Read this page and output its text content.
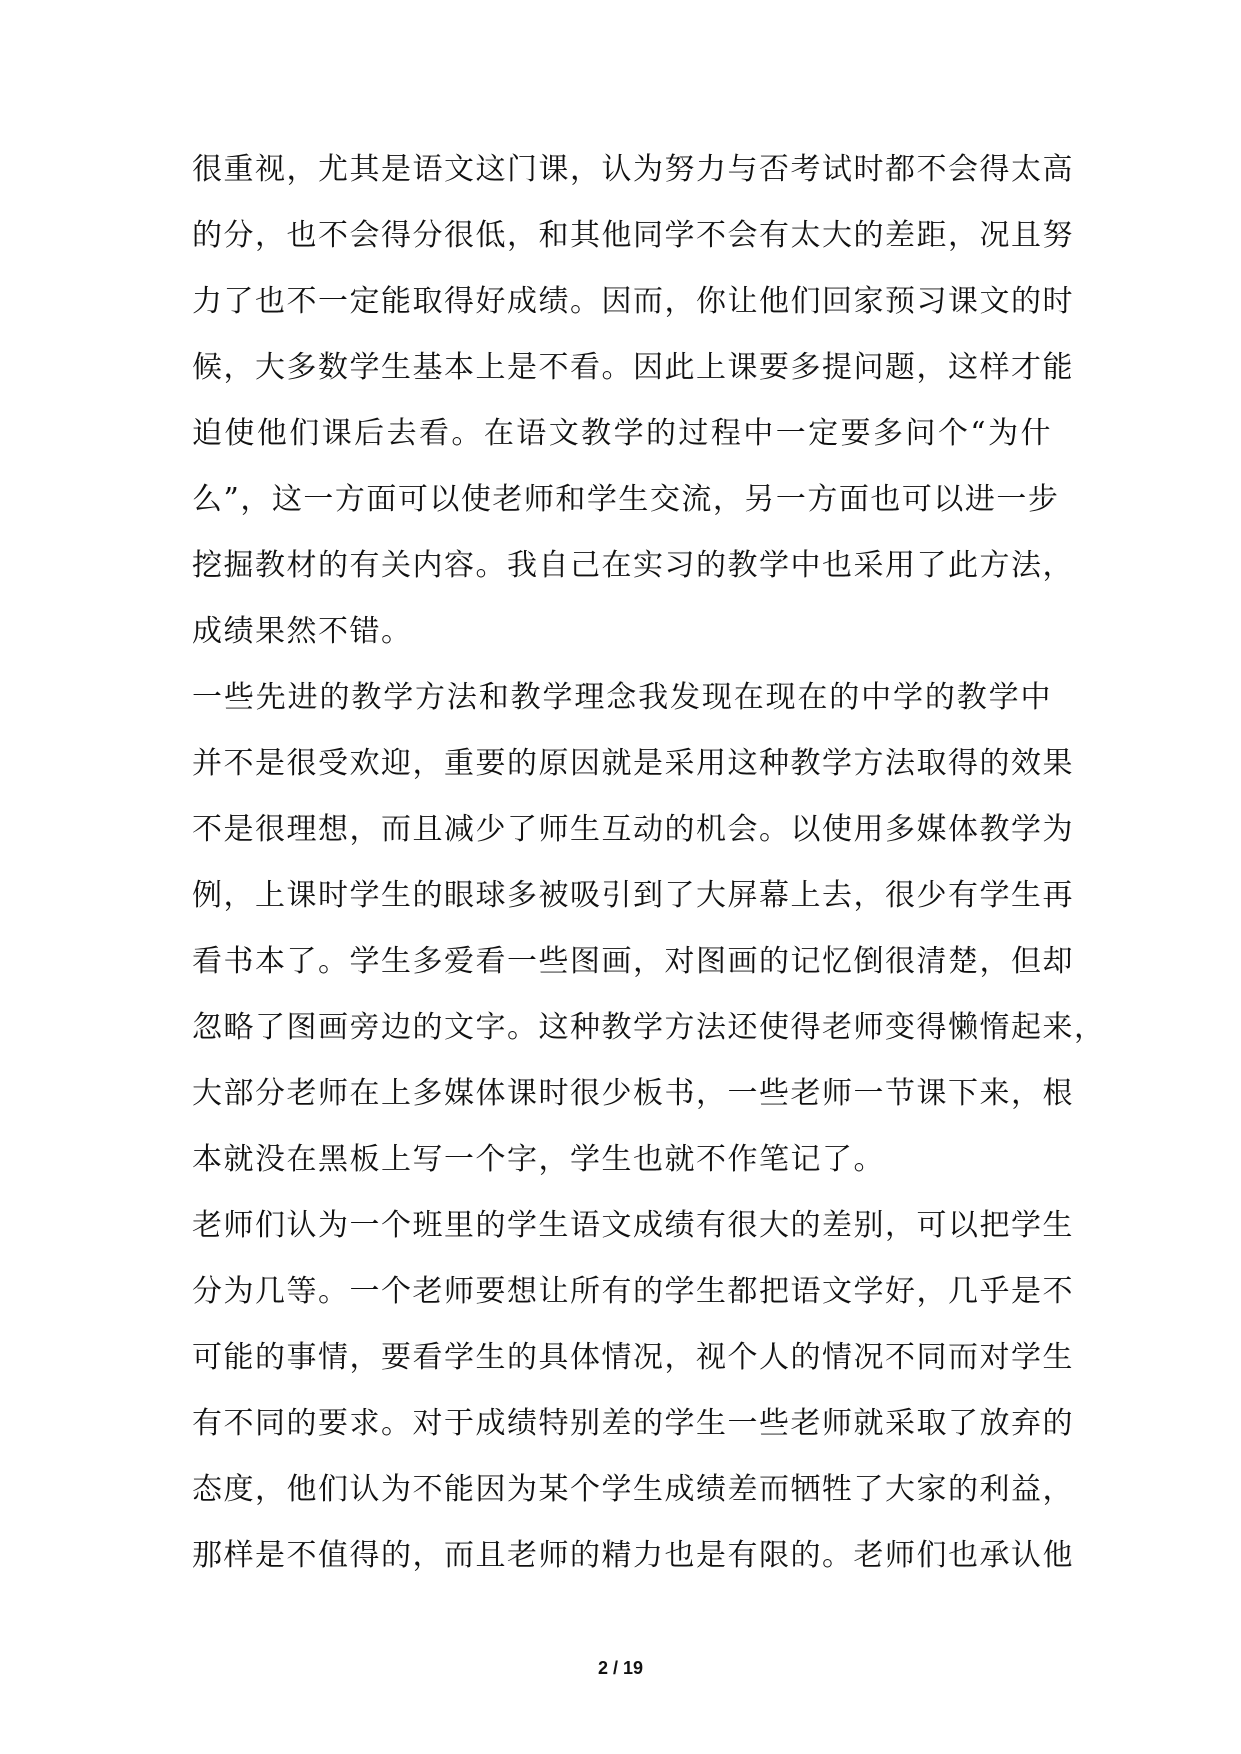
很重视，尤其是语文这门课，认为努力与否考试时都不会得太高
的分，也不会得分很低，和其他同学不会有太大的差距，况且努
力了也不一定能取得好成绩。因而，你让他们回家预习课文的时
候，大多数学生基本上是不看。因此上课要多提问题，这样才能
迫使他们课后去看。在语文教学的过程中一定要多问个“为什
么”，这一方面可以使老师和学生交流，另一方面也可以进一步
挖掘教材的有关内容。我自己在实习的教学中也采用了此方法，
成绩果然不错。
一些先进的教学方法和教学理念我发现在现在的中学的教学中
并不是很受欢迎，重要的原因就是采用这种教学方法取得的效果
不是很理想，而且减少了师生互动的机会。以使用多媒体教学为
例，上课时学生的眼球多被吸引到了大屏幕上去，很少有学生再
看书本了。学生多爱看一些图画，对图画的记忆倒很清楚，但却
忽略了图画旁边的文字。这种教学方法还使得老师变得懒惰起来，
大部分老师在上多媒体课时很少板书，一些老师一节课下来，根
本就没在黑板上写一个字，学生也就不作笔记了。
老师们认为一个班里的学生语文成绩有很大的差别，可以把学生
分为几等。一个老师要想让所有的学生都把语文学好，几乎是不
可能的事情，要看学生的具体情况，视个人的情况不同而对学生
有不同的要求。对于成绩特别差的学生一些老师就采取了放弃的
态度，他们认为不能因为某个学生成绩差而牺牲了大家的利益，
那样是不值得的，而且老师的精力也是有限的。老师们也承认他
2 / 19
